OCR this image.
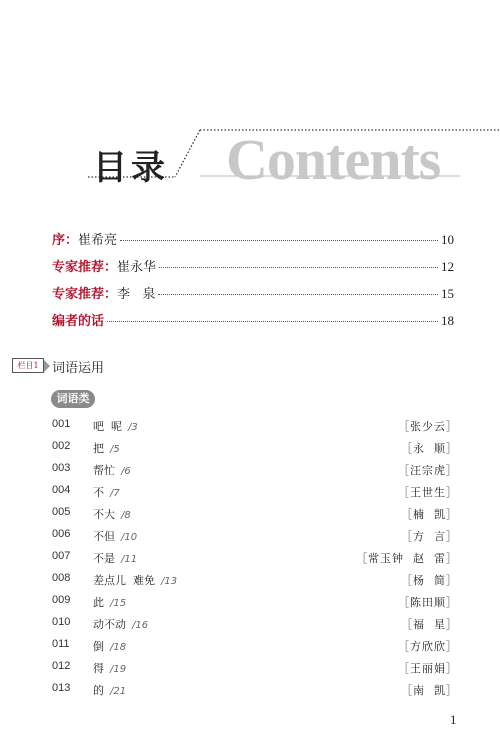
Contents
目录
序： 崔希亮	10
专家推荐： 崔永华	12
专家推荐： 李   泉	15
编者的话	18
栏目1	词语运用
词语类
001 吧  呢 /3	［张少云］
002 把 /5	［永  顺］
003 帮忙 /6	［汪宗虎］
004 不 /7	［王世生］
005 不大 /8	［楠  凯］
006 不但 /10	［方  言］
007 不是 /11	［常玉钟  赵  雷］
008 差点儿  难免 /13	［杨  简］
009 此 /15	［陈田顺］
010 动不动 /16	［福  星］
011 倒 /18	［方欣欣］
012 得 /19	［王丽娟］
013 的 /21	［南  凯］
1
